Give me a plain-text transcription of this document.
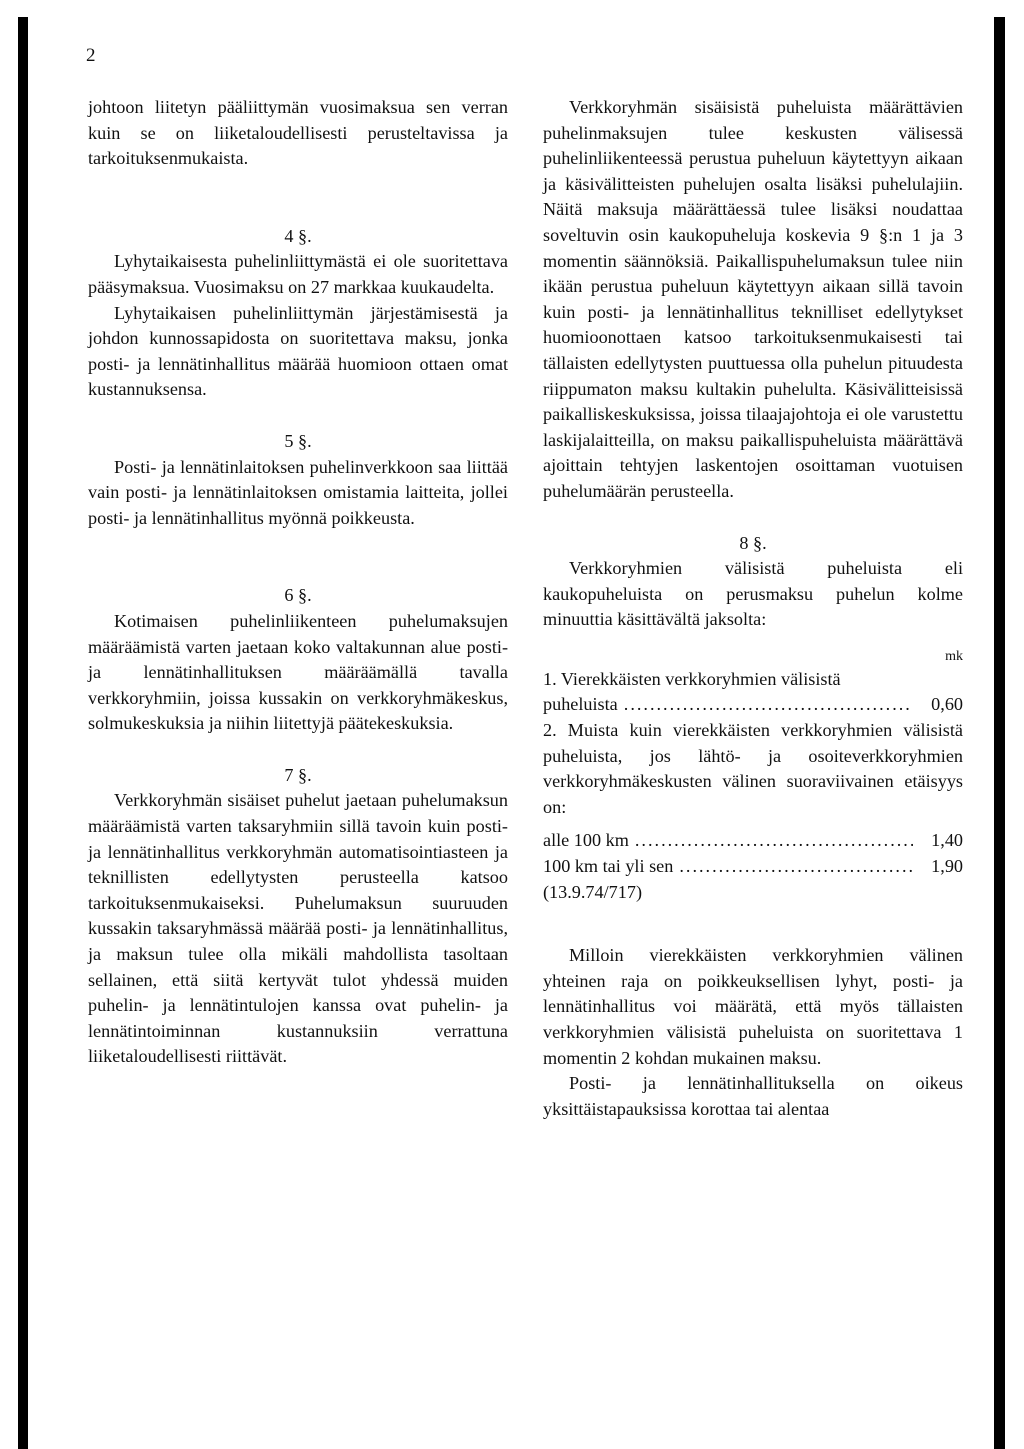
2

johtoon liitetyn pääliittymän vuosimaksua sen verran kuin se on liiketaloudellisesti perusteltavissa ja tarkoituksenmukaista.

4 §.

Lyhytaikaisesta puhelinliittymästä ei ole suoritettava pääsymaksua. Vuosimaksu on 27 markkaa kuukaudelta.

Lyhytaikaisen puhelinliittymän järjestämisestä ja johdon kunnossapidosta on suoritettava maksu, jonka posti- ja lennätinhallitus määrää huomioon ottaen omat kustannuksensa.

5 §.

Posti- ja lennätinlaitoksen puhelinverkkoon saa liittää vain posti- ja lennätinlaitoksen omistamia laitteita, jollei posti- ja lennätinhallitus myönnä poikkeusta.

6 §.

Kotimaisen puhelinliikenteen puhelumaksujen määräämistä varten jaetaan koko valtakunnan alue posti- ja lennätinhallituksen määräämällä tavalla verkkoryhmiin, joissa kussakin on verkkoryhmäkeskus, solmukeskuksia ja niihin liitettyjä päätekeskuksia.

7 §.

Verkkoryhmän sisäiset puhelut jaetaan puhelumaksun määräämistä varten taksaryhmiin sillä tavoin kuin posti- ja lennätinhallitus verkkoryhmän automatisointiasteen ja teknillisten edellytysten perusteella katsoo tarkoituksenmukaiseksi. Puhelumaksun suuruuden kussakin taksaryhmässä määrää posti- ja lennätinhallitus, ja maksun tulee olla mikäli mahdollista tasoltaan sellainen, että siitä kertyvät tulot yhdessä muiden puhelin- ja lennätintulojen kanssa ovat puhelin- ja lennätintoiminnan kustannuksiin verrattuna liiketaloudellisesti riittävät.

Verkkoryhmän sisäisistä puheluista määrättävien puhelinmaksujen tulee keskusten välisessä puhelinliikenteessä perustua puheluun käytettyyn aikaan ja käsivälitteisten puhelujen osalta lisäksi puhelulajiin. Näitä maksuja määrättäessä tulee lisäksi noudattaa soveltuvin osin kaukopuheluja koskevia 9 §:n 1 ja 3 momentin säännöksiä. Paikallispuhelumaksun tulee niin ikään perustua puheluun käytettyyn aikaan sillä tavoin kuin posti- ja lennätinhallitus teknilliset edellytykset huomioonottaen katsoo tarkoituksenmukaisesti tai tällaisten edellytysten puuttuessa olla puhelun pituudesta riippumaton maksu kultakin puhelulta. Käsivälitteisissä paikalliskeskuksissa, joissa tilaajajohtoja ei ole varustettu laskijalaitteilla, on maksu paikallispuheluista määrättävä ajoittain tehtyjen laskentojen osoittaman vuotuisen puhelumäärän perusteella.

8 §.

Verkkoryhmien välisistä puheluista eli kaukopuheluista on perusmaksu puhelun kolme minuuttia käsittävältä jaksolta:

mk

1. Vierekkäisten verkkoryhmien välisistä

puheluista .....	0,60

2. Muista kuin vierekkäisten verkkoryhmien välisistä puheluista, jos lähtö- ja osoiteverkkoryhmien verkkoryhmäkeskusten välinen suoraviivainen etäisyys on:

alle 100 km .....	1,40
100 km tai yli sen .....	1,90

(13.9.74/717)

Milloin vierekkäisten verkkoryhmien välinen yhteinen raja on poikkeuksellisen lyhyt, posti- ja lennätinhallitus voi määrätä, että myös tällaisten verkkoryhmien välisistä puheluista on suoritettava 1 momentin 2 kohdan mukainen maksu.

Posti- ja lennätinhallituksella on oikeus yksittäistapauksissa korottaa tai alentaa
